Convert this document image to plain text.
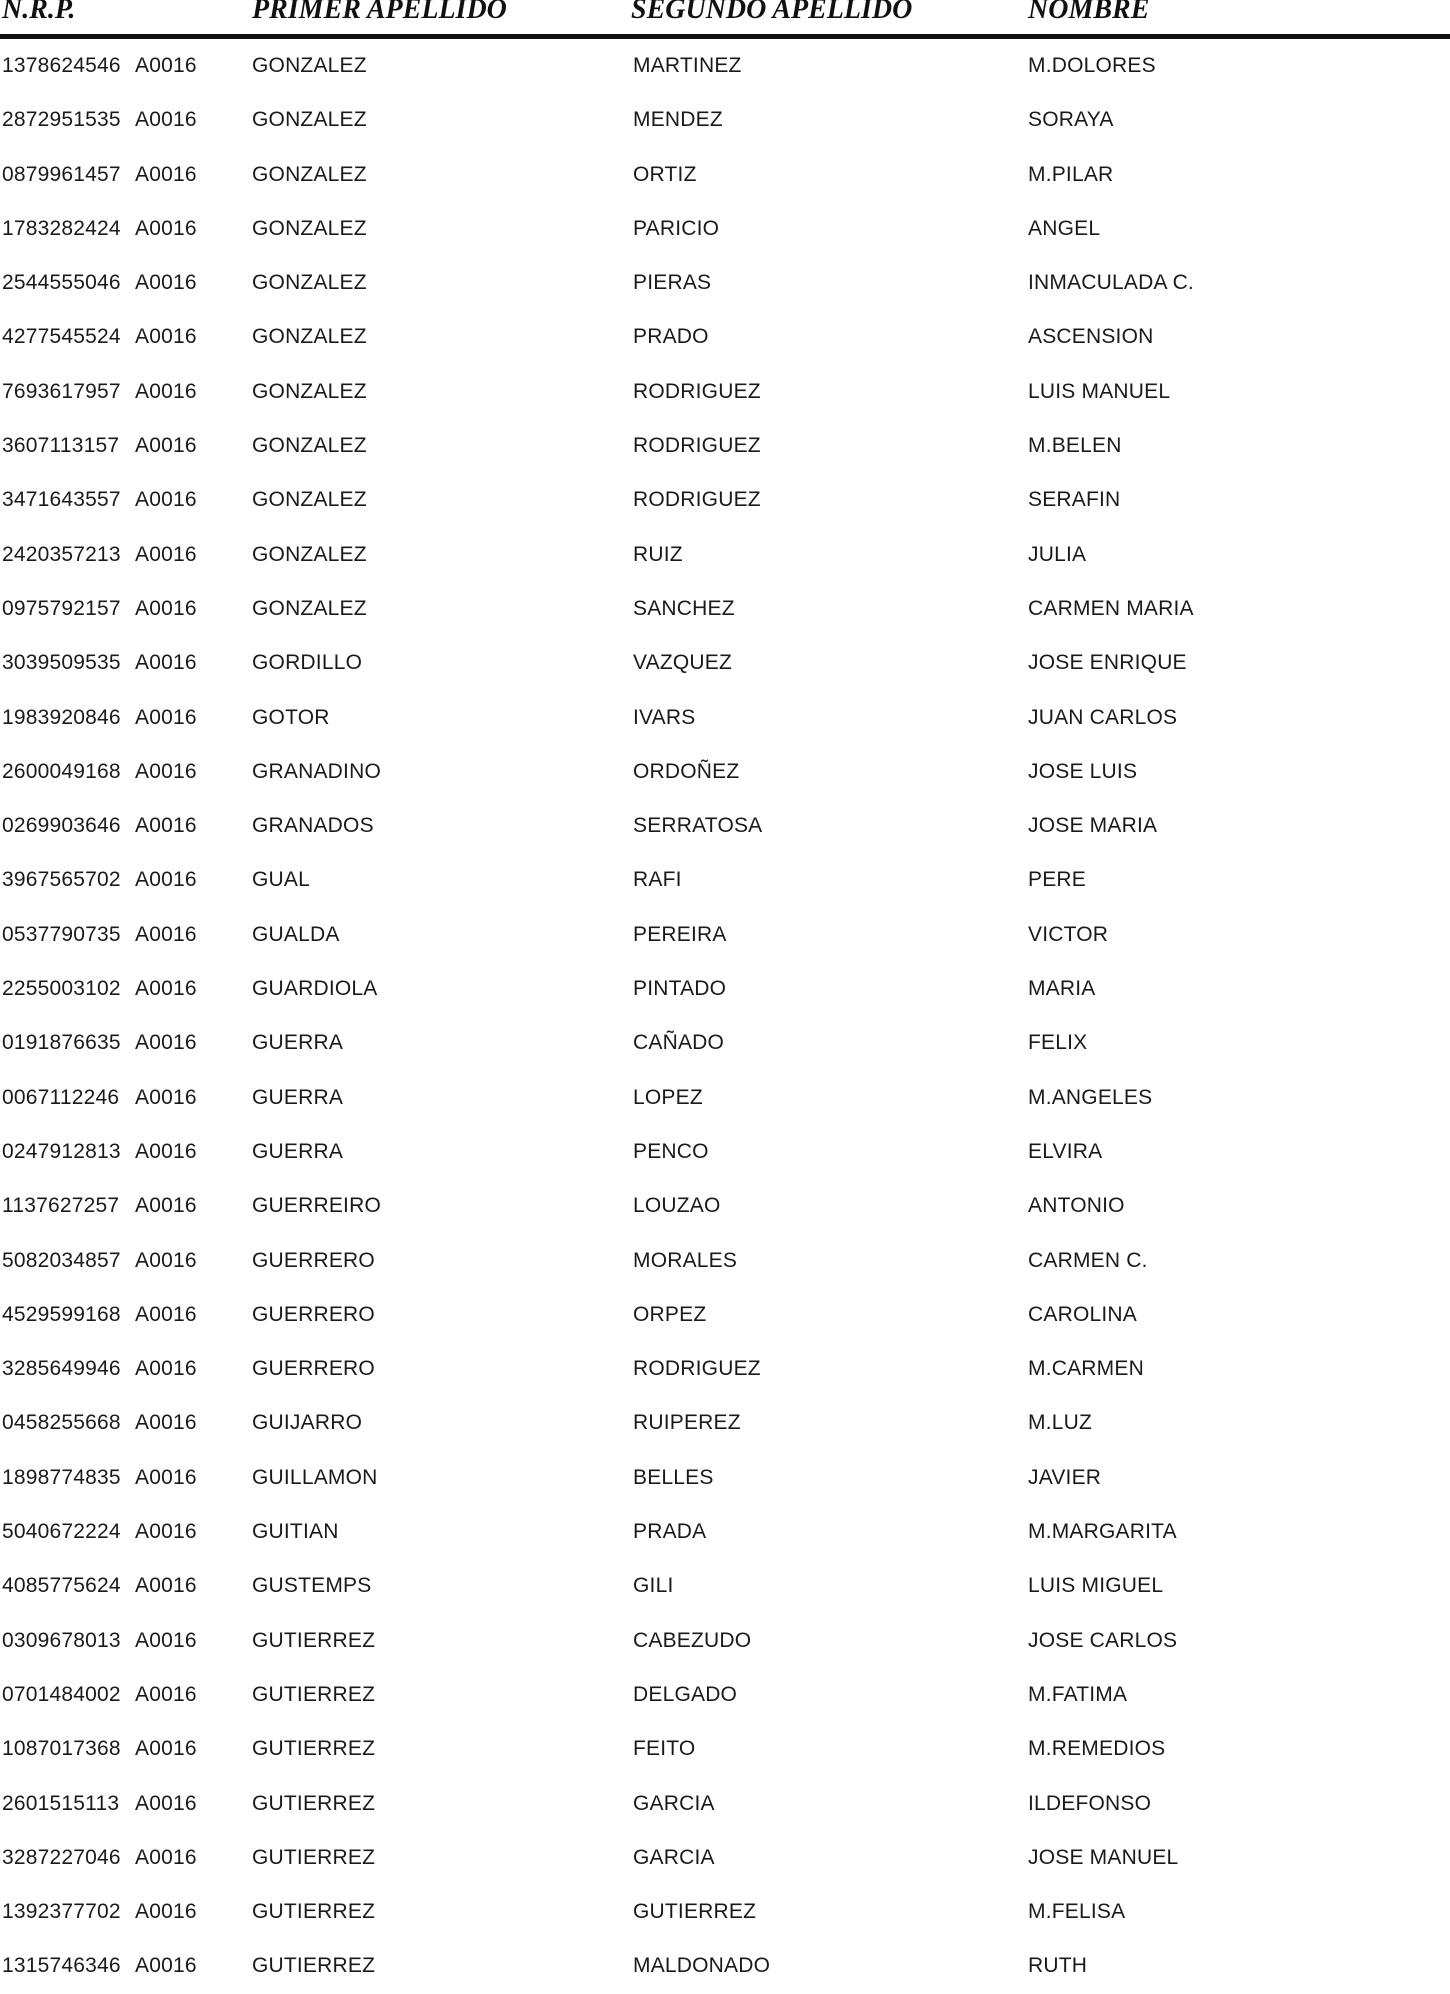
N.R.P.	PRIMER APELLIDO	SEGUNDO APELLIDO	NOMBRE
1378624546 A0016	GONZALEZ	MARTINEZ	M.DOLORES
2872951535 A0016	GONZALEZ	MENDEZ	SORAYA
0879961457 A0016	GONZALEZ	ORTIZ	M.PILAR
1783282424 A0016	GONZALEZ	PARICIO	ANGEL
2544555046 A0016	GONZALEZ	PIERAS	INMACULADA C.
4277545524 A0016	GONZALEZ	PRADO	ASCENSION
7693617957 A0016	GONZALEZ	RODRIGUEZ	LUIS MANUEL
3607113157 A0016	GONZALEZ	RODRIGUEZ	M.BELEN
3471643557 A0016	GONZALEZ	RODRIGUEZ	SERAFIN
2420357213 A0016	GONZALEZ	RUIZ	JULIA
0975792157 A0016	GONZALEZ	SANCHEZ	CARMEN MARIA
3039509535 A0016	GORDILLO	VAZQUEZ	JOSE ENRIQUE
1983920846 A0016	GOTOR	IVARS	JUAN CARLOS
2600049168 A0016	GRANADINO	ORDOÑEZ	JOSE LUIS
0269903646 A0016	GRANADOS	SERRATOSA	JOSE MARIA
3967565702 A0016	GUAL	RAFI	PERE
0537790735 A0016	GUALDA	PEREIRA	VICTOR
2255003102 A0016	GUARDIOLA	PINTADO	MARIA
0191876635 A0016	GUERRA	CAÑADO	FELIX
0067112246 A0016	GUERRA	LOPEZ	M.ANGELES
0247912813 A0016	GUERRA	PENCO	ELVIRA
1137627257 A0016	GUERREIRO	LOUZAO	ANTONIO
5082034857 A0016	GUERRERO	MORALES	CARMEN C.
4529599168 A0016	GUERRERO	ORPEZ	CAROLINA
3285649946 A0016	GUERRERO	RODRIGUEZ	M.CARMEN
0458255668 A0016	GUIJARRO	RUIPEREZ	M.LUZ
1898774835 A0016	GUILLAMON	BELLES	JAVIER
5040672224 A0016	GUITIAN	PRADA	M.MARGARITA
4085775624 A0016	GUSTEMPS	GILI	LUIS MIGUEL
0309678013 A0016	GUTIERREZ	CABEZUDO	JOSE CARLOS
0701484002 A0016	GUTIERREZ	DELGADO	M.FATIMA
1087017368 A0016	GUTIERREZ	FEITO	M.REMEDIOS
2601515113 A0016	GUTIERREZ	GARCIA	ILDEFONSO
3287227046 A0016	GUTIERREZ	GARCIA	JOSE MANUEL
1392377702 A0016	GUTIERREZ	GUTIERREZ	M.FELISA
1315746346 A0016	GUTIERREZ	MALDONADO	RUTH
